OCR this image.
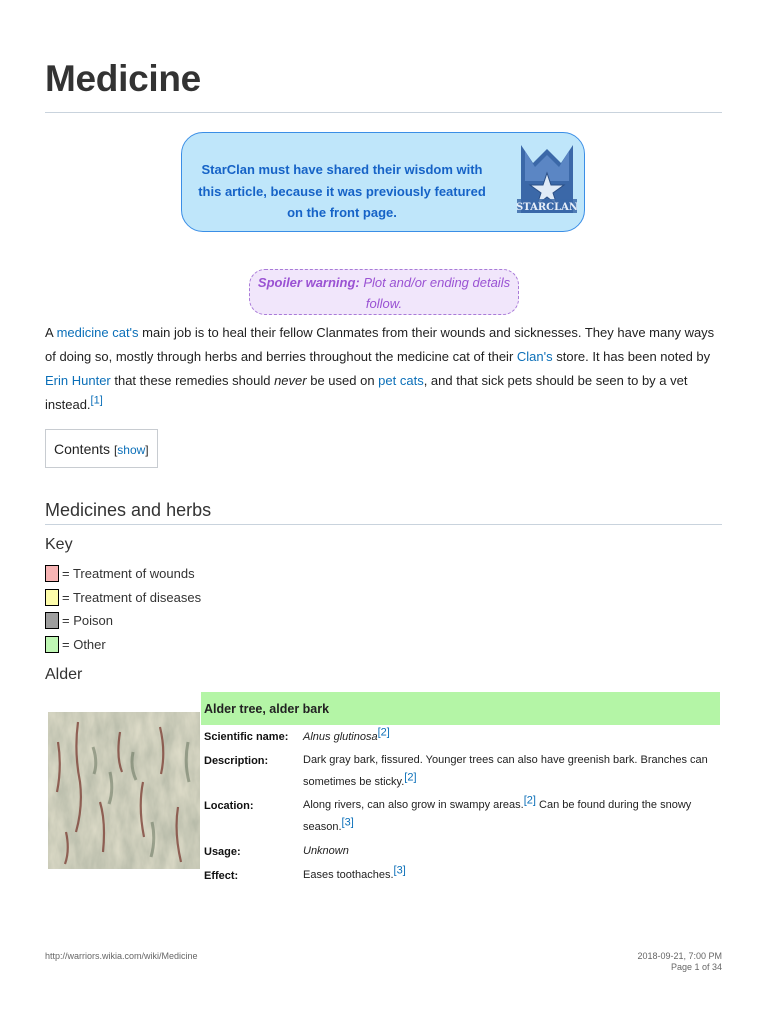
Medicine
StarClan must have shared their wisdom with this article, because it was previously featured on the front page.	STARCLAN
Spoiler warning: Plot and/or ending details follow.
A medicine cat's main job is to heal their fellow Clanmates from their wounds and sicknesses. They have many ways of doing so, mostly through herbs and berries throughout the medicine cat of their Clan's store. It has been noted by Erin Hunter that these remedies should never be used on pet cats, and that sick pets should be seen to by a vet instead.[1]
Contents [show]
Medicines and herbs
Key
= Treatment of wounds
= Treatment of diseases
= Poison
= Other
Alder
Alder tree, alder bark
Scientific name: Alnus glutinosa[2]
Description:	Dark gray bark, fissured. Younger trees can also have greenish bark. Branches can sometimes be sticky.[2]
Location:	Along rivers, can also grow in swampy areas.[2] Can be found during the snowy season.[3]
Usage:	Unknown
Effect:	Eases toothaches.[3]
http://warriors.wikia.com/wiki/Medicine	2018-09-21, 7:00 PM
Page 1 of 34
